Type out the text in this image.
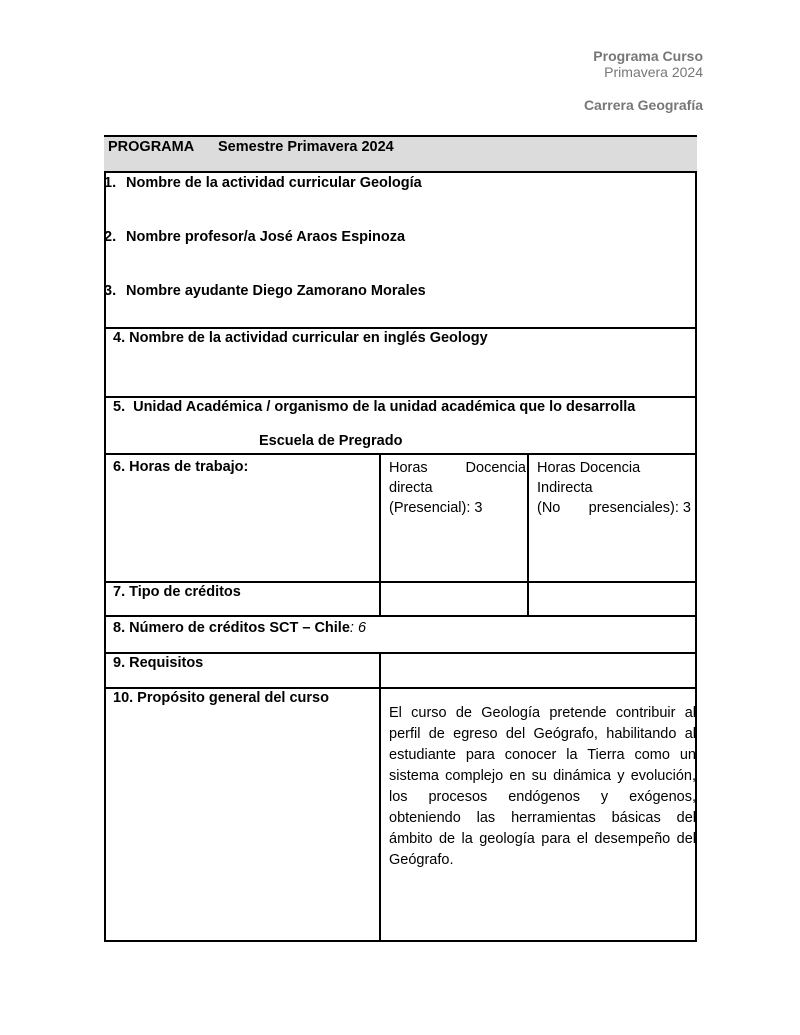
Programa Curso
Primavera 2024
Carrera Geografía
PROGRAMA Semestre Primavera 2024
1. Nombre de la actividad curricular Geología
2. Nombre profesor/a José Araos Espinoza
3. Nombre ayudante Diego Zamorano Morales
4. Nombre de la actividad curricular en inglés Geology
5. Unidad Académica / organismo de la unidad académica que lo desarrolla
Escuela de Pregrado
6. Horas de trabajo:	Horas	Docencia
directa
(Presencial): 3
Horas Docencia
Indirecta
(No presenciales): 3
7. Tipo de créditos
8. Número de créditos SCT – Chile: 6
9. Requisitos
10. Propósito general del curso
El curso de Geología pretende contribuir al perfil de egreso del Geógrafo, habilitando al estudiante para conocer la Tierra como un sistema complejo en su dinámica y evolución, los procesos endógenos y exógenos, obteniendo las herramientas básicas del ámbito de la geología para el desempeño del Geógrafo.
